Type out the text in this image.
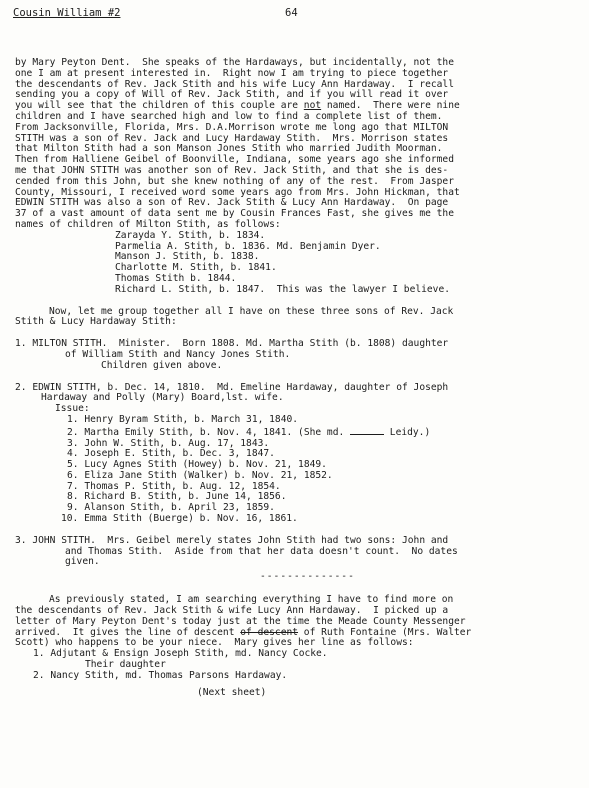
Cousin William #2	64
by Mary Peyton Dent.  She speaks of the Hardaways, but incidentally, not the
one I am at present interested in.  Right now I am trying to piece together
the descendants of Rev. Jack Stith and his wife Lucy Ann Hardaway.  I recall
sending you a copy of Will of Rev. Jack Stith, and if you will read it over
you will see that the children of this couple are not named.  There were nine
children and I have searched high and low to find a complete list of them.
From Jacksonville, Florida, Mrs. D.A.Morrison wrote me long ago that MILTON
STITH was a son of Rev. Jack and Lucy Hardaway Stith.  Mrs. Morrison states
that Milton Stith had a son Manson Jones Stith who married Judith Moorman.
Then from Halliene Geibel of Boonville, Indiana, some years ago she informed
me that JOHN STITH was another son of Rev. Jack Stith, and that she is des-
cended from this John, but she knew nothing of any of the rest.  From Jasper
County, Missouri, I received word some years ago from Mrs. John Hickman, that
EDWIN STITH was also a son of Rev. Jack Stith & Lucy Ann Hardaway.  On page
37 of a vast amount of data sent me by Cousin Frances Fast, she gives me the
names of children of Milton Stith, as follows:
Zarayda Y. Stith, b. 1834.
Parmelia A. Stith, b. 1836. Md. Benjamin Dyer.
Manson J. Stith, b. 1838.
Charlotte M. Stith, b. 1841.
Thomas Stith b. 1844.
Richard L. Stith, b. 1847.  This was the lawyer I believe.
Now, let me group together all I have on these three sons of Rev. Jack
Stith & Lucy Hardaway Stith:
1. MILTON STITH.  Minister.  Born 1808. Md. Martha Stith (b. 1808) daughter
of William Stith and Nancy Jones Stith.
Children given above.
2. EDWIN STITH, b. Dec. 14, 1810.  Md. Emeline Hardaway, daughter of Joseph
Hardaway and Polly (Mary) Board,lst. wife.
Issue:
1. Henry Byram Stith, b. March 31, 1840.
2. Martha Emily Stith, b. Nov. 4, 1841. (She md.	Leidy.)
3. John W. Stith, b. Aug. 17, 1843.
4. Joseph E. Stith, b. Dec. 3, 1847.
5. Lucy Agnes Stith (Howey) b. Nov. 21, 1849.
6. Eliza Jane Stith (Walker) b. Nov. 21, 1852.
7. Thomas P. Stith, b. Aug. 12, 1854.
8. Richard B. Stith, b. June 14, 1856.
9. Alanson Stith, b. April 23, 1859.
10. Emma Stith (Buerge) b. Nov. 16, 1861.
3. JOHN STITH.  Mrs. Geibel merely states John Stith had two sons: John and
and Thomas Stith.  Aside from that her data doesn't count.  No dates
given.
--------------
As previously stated, I am searching everything I have to find more on
the descendants of Rev. Jack Stith & wife Lucy Ann Hardaway.  I picked up a
letter of Mary Peyton Dent's today just at the time the Meade County Messenger
arrived.  It gives the line of descent of descent of Ruth Fontaine (Mrs. Walter
Scott) who happens to be your niece.  Mary gives her line as follows:
1. Adjutant & Ensign Joseph Stith, md. Nancy Cocke.
Their daughter
2. Nancy Stith, md. Thomas Parsons Hardaway.
(Next sheet)
